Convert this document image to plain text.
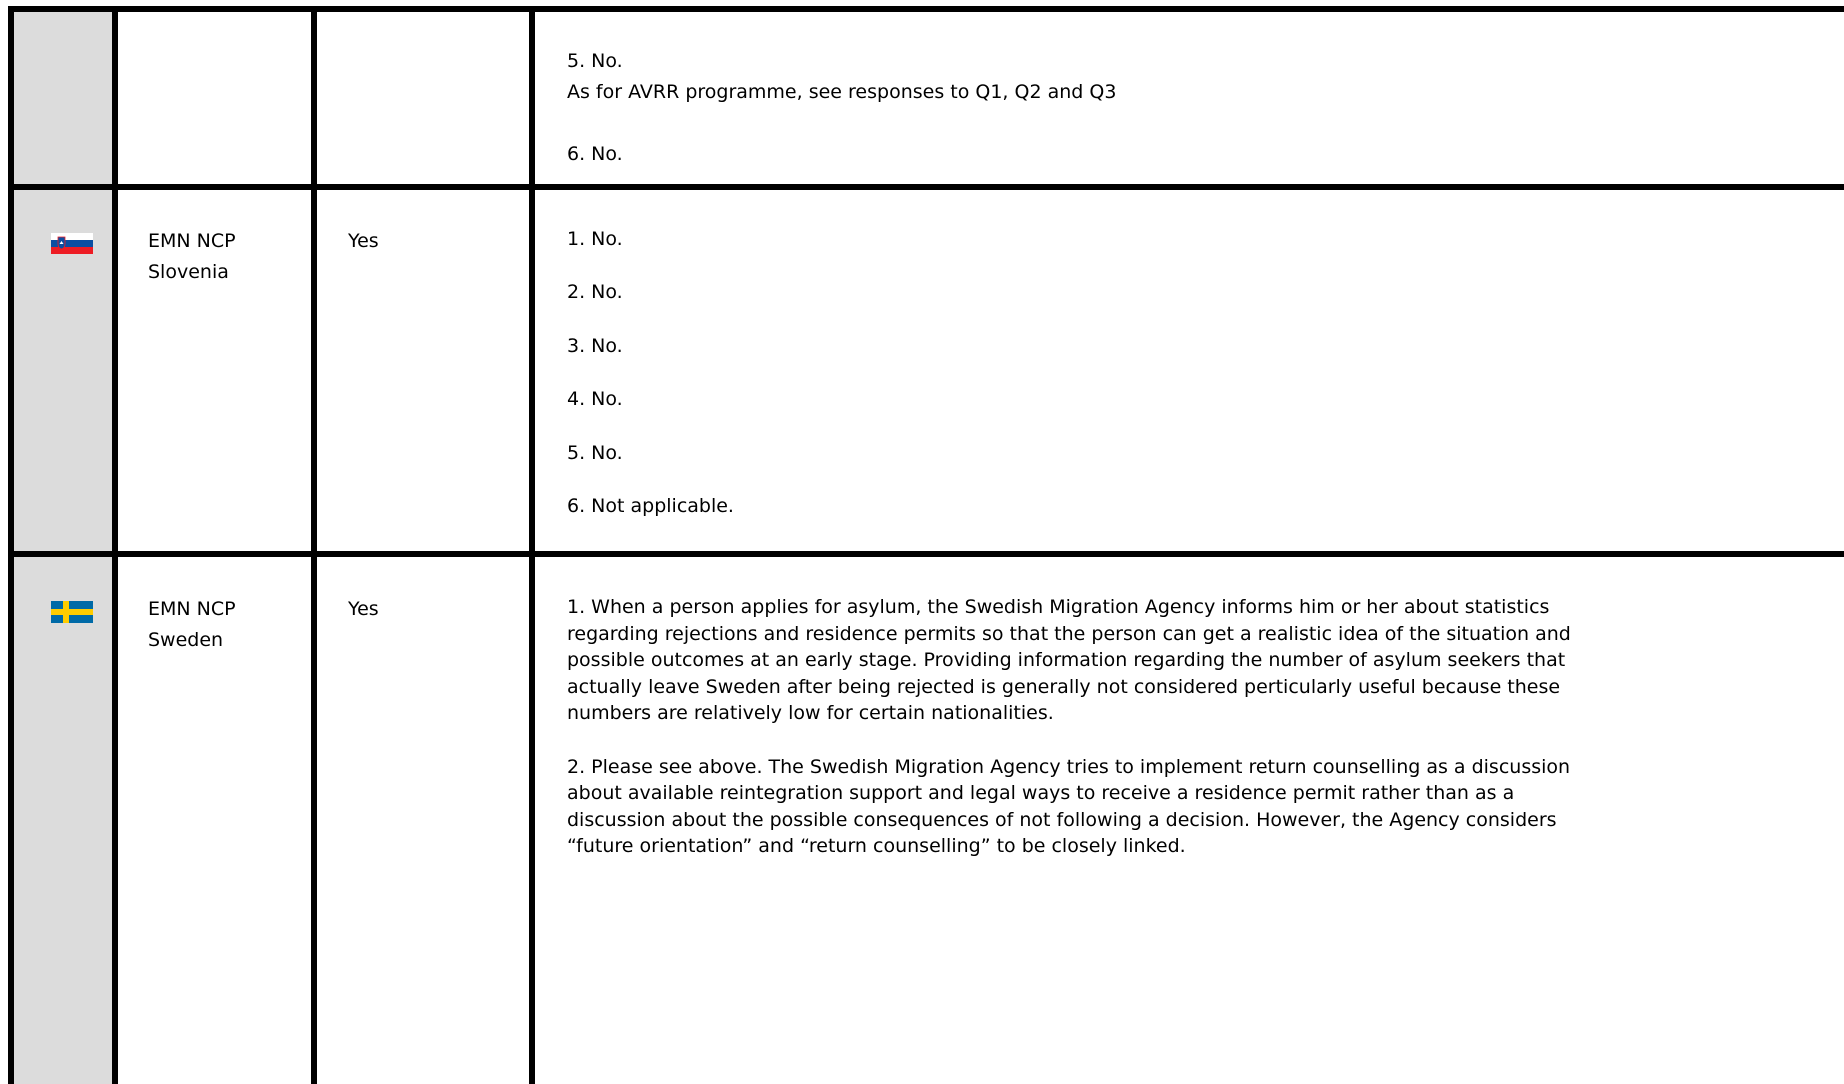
5. No.
As for AVRR programme, see responses to Q1, Q2 and Q3
6. No.
EMN NCP
Slovenia
Yes	1. No.
2. No.
3. No.
4. No.
5. No.
6. Not applicable.
EMN NCP
Sweden
Yes	1. When a person applies for asylum, the Swedish Migration Agency informs him or her about statistics
regarding rejections and residence permits so that the person can get a realistic idea of the situation and
possible outcomes at an early stage. Providing information regarding the number of asylum seekers that
actually leave Sweden after being rejected is generally not considered perticularly useful because these
numbers are relatively low for certain nationalities.
2. Please see above. The Swedish Migration Agency tries to implement return counselling as a discussion
about available reintegration support and legal ways to receive a residence permit rather than as a
discussion about the possible consequences of not following a decision. However, the Agency considers
“future orientation” and “return counselling” to be closely linked.
